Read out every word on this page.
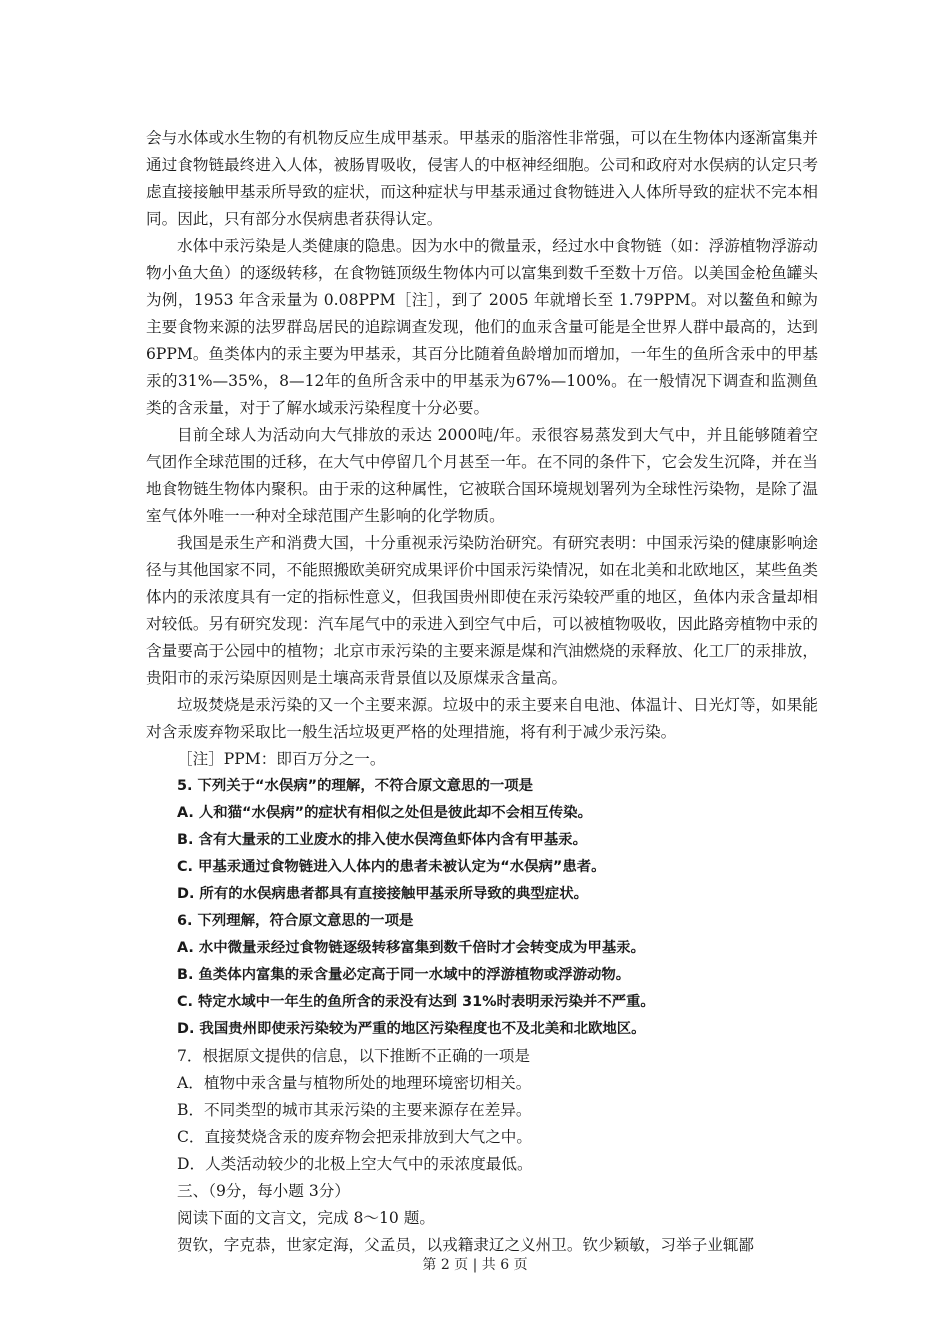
会与水体或水生物的有机物反应生成甲基汞。甲基汞的脂溶性非常强，可以在生物体内逐渐富集并通过食物链最终进入人体，被肠胃吸收，侵害人的中枢神经细胞。公司和政府对水俣病的认定只考虑直接接触甲基汞所导致的症状，而这种症状与甲基汞通过食物链进入人体所导致的症状不完本相同。因此，只有部分水俣病患者获得认定。

水体中汞污染是人类健康的隐患。因为水中的微量汞，经过水中食物链（如：浮游植物浮游动物小鱼大鱼）的逐级转移，在食物链顶级生物体内可以富集到数千至数十万倍。以美国金枪鱼罐头为例，1953 年含汞量为 0.08PPM［注］，到了 2005 年就增长至 1.79PPM。对以鳌鱼和鲸为主要食物来源的法罗群岛居民的追踪调查发现，他们的血汞含量可能是全世界人群中最高的，达到6PPM。鱼类体内的汞主要为甲基汞，其百分比随着鱼龄增加而增加，一年生的鱼所含汞中的甲基汞的31%—35%，8—12年的鱼所含汞中的甲基汞为67%—100%。在一般情况下调查和监测鱼类的含汞量，对于了解水域汞污染程度十分必要。

目前全球人为活动向大气排放的汞达 2000吨/年。汞很容易蒸发到大气中，并且能够随着空气团作全球范围的迁移，在大气中停留几个月甚至一年。在不同的条件下，它会发生沉降，并在当地食物链生物体内聚积。由于汞的这种属性，它被联合国环境规划署列为全球性污染物，是除了温室气体外唯一一种对全球范围产生影响的化学物质。

我国是汞生产和消费大国，十分重视汞污染防治研究。有研究表明：中国汞污染的健康影响途径与其他国家不同，不能照搬欧美研究成果评价中国汞污染情况，如在北美和北欧地区，某些鱼类体内的汞浓度具有一定的指标性意义，但我国贵州即使在汞污染较严重的地区，鱼体内汞含量却相对较低。另有研究发现：汽车尾气中的汞进入到空气中后，可以被植物吸收，因此路旁植物中汞的含量要高于公园中的植物；北京市汞污染的主要来源是煤和汽油燃烧的汞释放、化工厂的汞排放，贵阳市的汞污染原因则是土壤高汞背景值以及原煤汞含量高。

垃圾焚烧是汞污染的又一个主要来源。垃圾中的汞主要来自电池、体温计、日光灯等，如果能对含汞废弃物采取比一般生活垃圾更严格的处理措施，将有利于减少汞污染。

［注］PPM：即百万分之一。

5. 下列关于“水俣病”的理解，不符合原文意思的一项是

A. 人和猫“水俣病”的症状有相似之处但是彼此却不会相互传染。

B. 含有大量汞的工业废水的排入使水俣湾鱼虾体内含有甲基汞。

C. 甲基汞通过食物链进入人体内的患者未被认定为“水俣病”患者。

D. 所有的水俣病患者都具有直接接触甲基汞所导致的典型症状。

6. 下列理解，符合原文意思的一项是

A. 水中微量汞经过食物链逐级转移富集到数千倍时才会转变成为甲基汞。

B. 鱼类体内富集的汞含量必定高于同一水域中的浮游植物或浮游动物。

C. 特定水域中一年生的鱼所含的汞没有达到 31%时表明汞污染并不严重。

D. 我国贵州即使汞污染较为严重的地区污染程度也不及北美和北欧地区。

7．根据原文提供的信息，以下推断不正确的一项是

A．植物中汞含量与植物所处的地理环境密切相关。

B．不同类型的城市其汞污染的主要来源存在差异。

C．直接焚烧含汞的废弃物会把汞排放到大气之中。

D．人类活动较少的北极上空大气中的汞浓度最低。

三、（9分，每小题 3分）

阅读下面的文言文，完成 8～10 题。

贺钦，字克恭，世家定海，父孟员，以戎籍隶辽之义州卫。钦少颖敏，习举子业辄鄙

第 2 页 | 共 6 页
